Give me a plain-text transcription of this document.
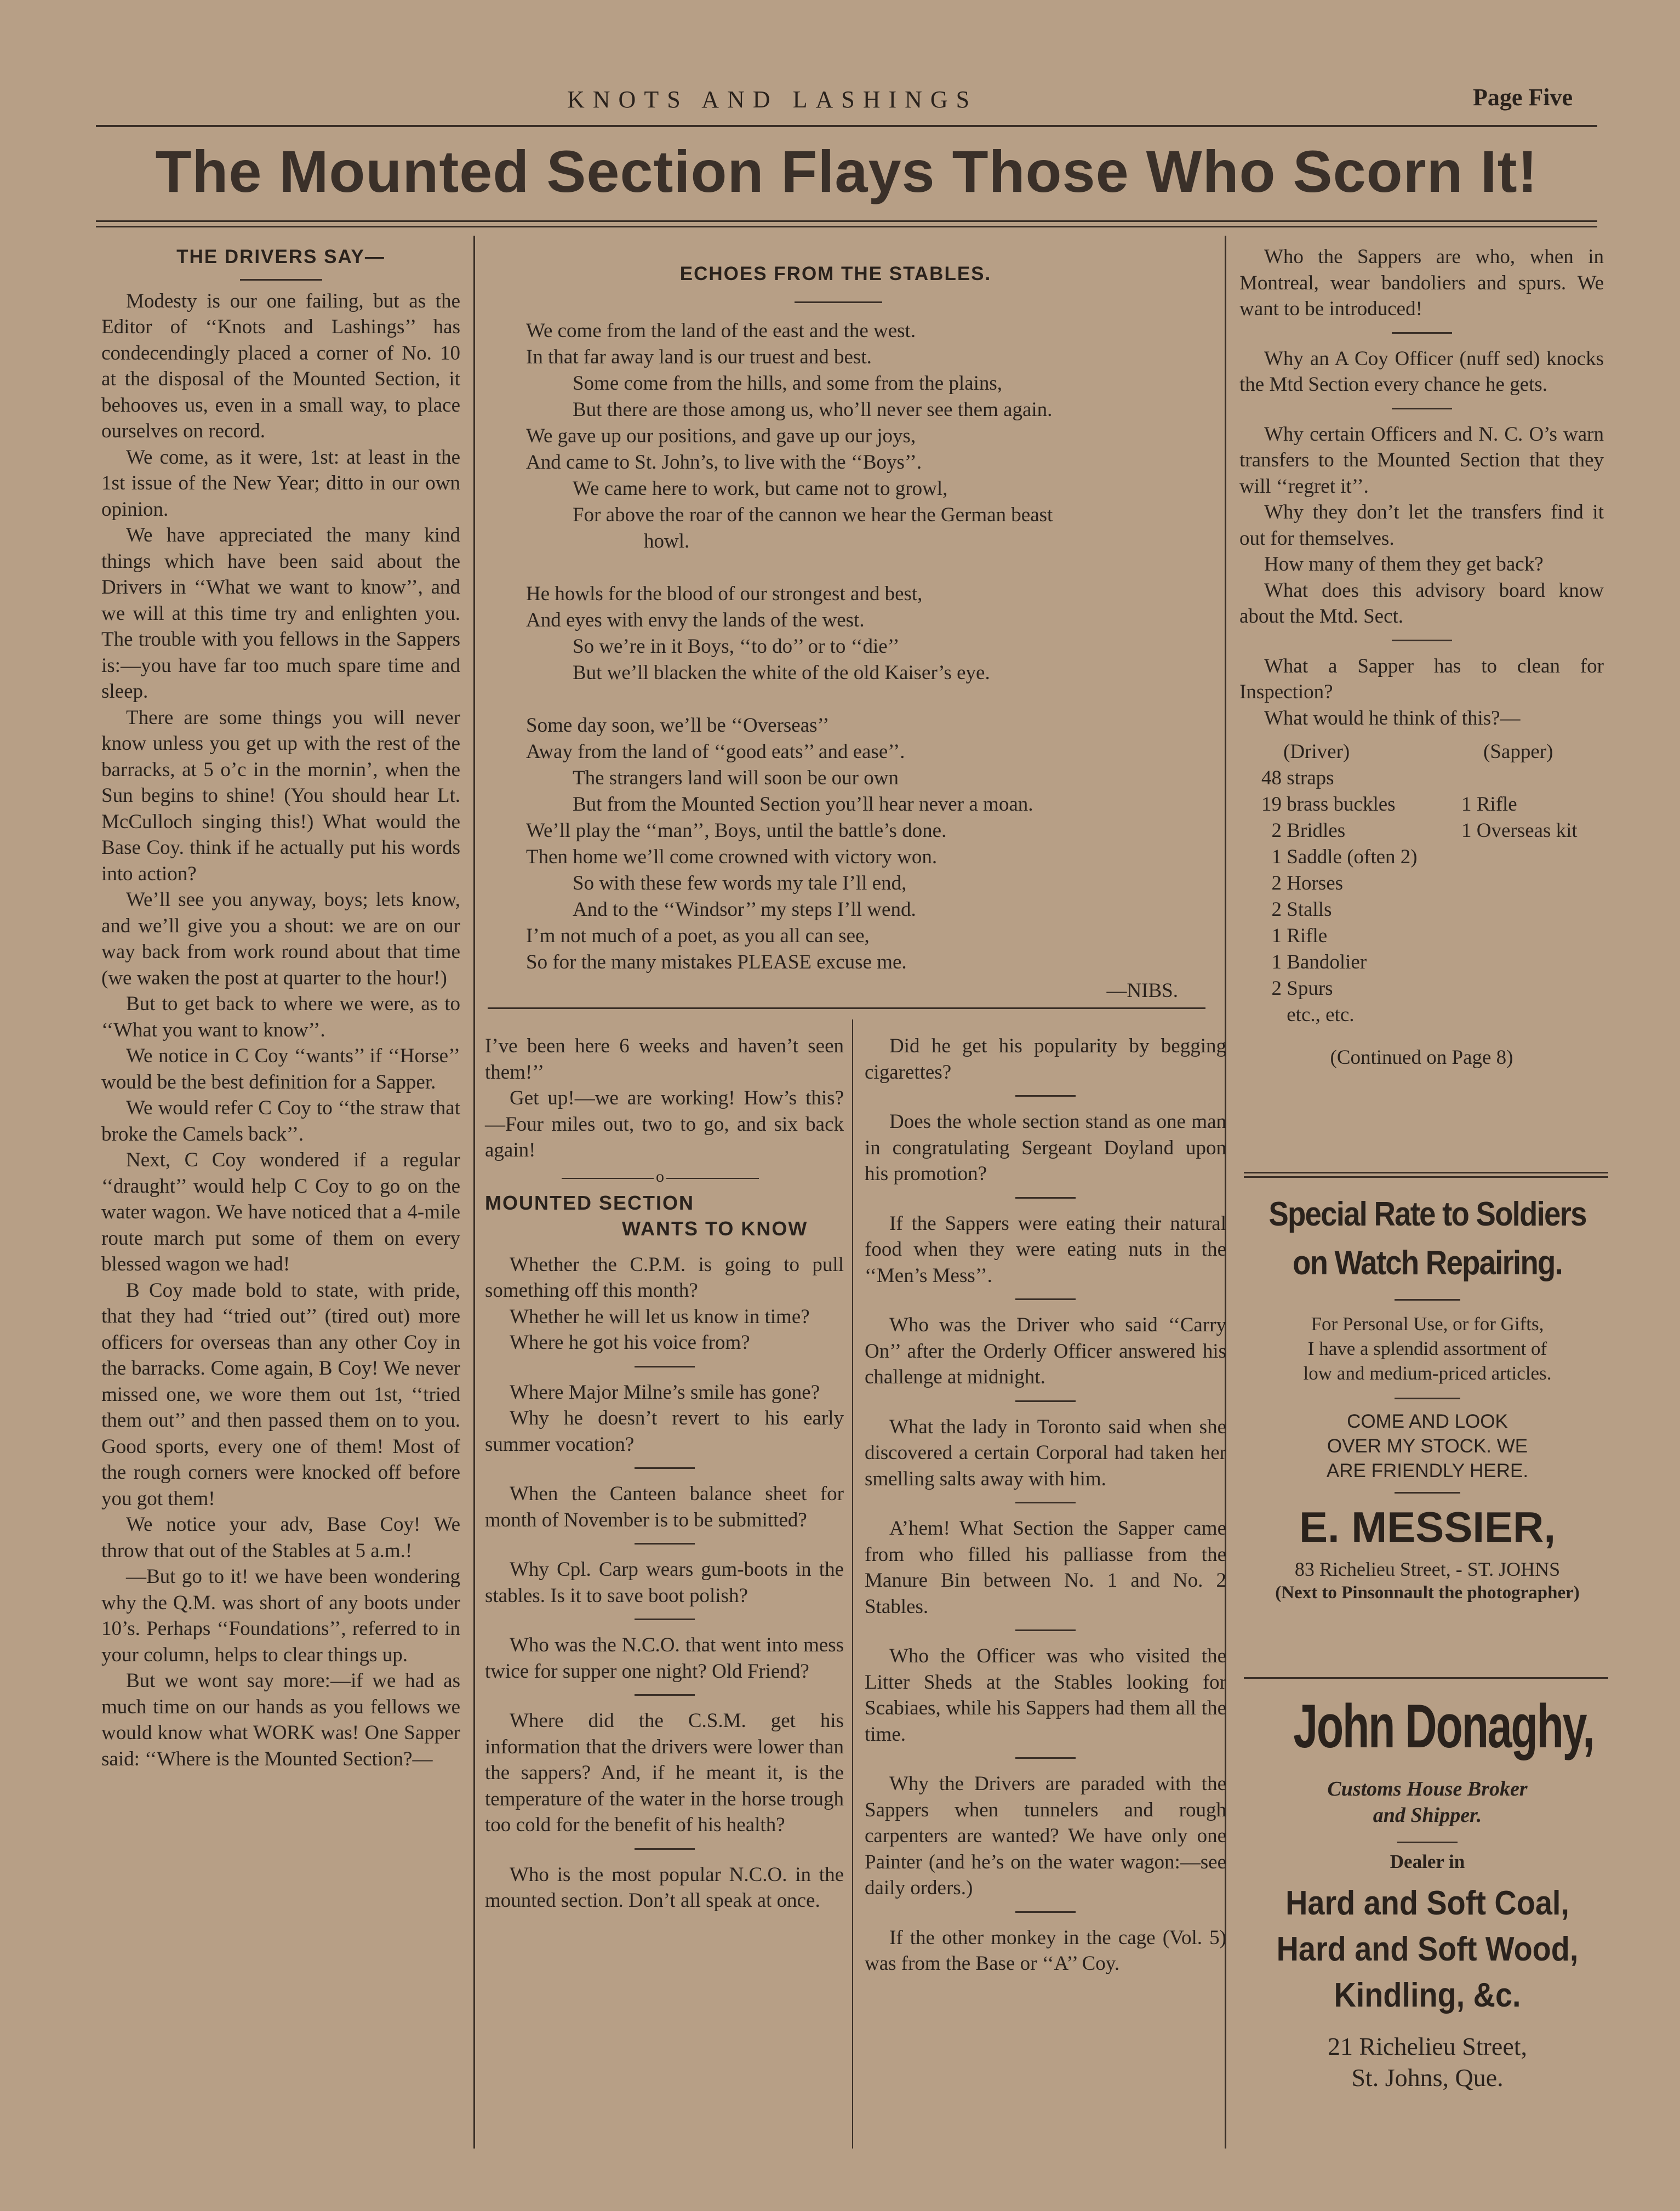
KNOTS AND LASHINGS	Page Five
The Mounted Section Flays Those Who Scorn It!
THE DRIVERS SAY—

Modesty is our one failing, but as the Editor of ‘‘Knots and Lashings’’ has condecendingly placed a corner of No. 10 at the disposal of the Mounted Section, it behooves us, even in a small way, to place ourselves on record.

We come, as it were, 1st: at least in the 1st issue of the New Year; ditto in our own opinion.

We have appreciated the many kind things which have been said about the Drivers in ‘‘What we want to know’’, and we will at this time try and enlighten you. The trouble with you fellows in the Sappers is:—you have far too much spare time and sleep.

There are some things you will never know unless you get up with the rest of the barracks, at 5 o’c in the mornin’, when the Sun begins to shine! (You should hear Lt. McCulloch singing this!) What would the Base Coy. think if he actually put his words into action?

We’ll see you anyway, boys; lets know, and we’ll give you a shout: we are on our way back from work round about that time (we waken the post at quarter to the hour!)

But to get back to where we were, as to ‘‘What you want to know’’.

We notice in C Coy ‘‘wants’’ if ‘‘Horse’’ would be the best definition for a Sapper.

We would refer C Coy to ‘‘the straw that broke the Camels back’’.

Next, C Coy wondered if a regular ‘‘draught’’ would help C Coy to go on the water wagon. We have noticed that a 4-mile route march put some of them on every blessed wagon we had!

B Coy made bold to state, with pride, that they had ‘‘tried out’’ (tired out) more officers for overseas than any other Coy in the barracks. Come again, B Coy! We never missed one, we wore them out 1st, ‘‘tried them out’’ and then passed them on to you. Good sports, every one of them! Most of the rough corners were knocked off before you got them!

We notice your adv, Base Coy! We throw that out of the Stables at 5 a.m.!

—But go to it! we have been wondering why the Q.M. was short of any boots under 10’s. Perhaps ‘‘Foundations’’, referred to in your column, helps to clear things up.

But we wont say more:—if we had as much time on our hands as you fellows we would know what WORK was! One Sapper said: ‘‘Where is the Mounted Section?—

ECHOES FROM THE STABLES.
We come from the land of the east and the west.
In that far away land is our truest and best.
Some come from the hills, and some from the plains,
But there are those among us, who’ll never see them again.
We gave up our positions, and gave up our joys,
And came to St. John’s, to live with the ‘‘Boys’’.
We came here to work, but came not to growl,
For above the roar of the cannon we hear the German beast
howl.
He howls for the blood of our strongest and best,
And eyes with envy the lands of the west.
So we’re in it Boys, ‘‘to do’’ or to ‘‘die’’
But we’ll blacken the white of the old Kaiser’s eye.
Some day soon, we’ll be ‘‘Overseas’’
Away from the land of ‘‘good eats’’ and ease’’.
The strangers land will soon be our own
But from the Mounted Section you’ll hear never a moan.
We’ll play the ‘‘man’’, Boys, until the battle’s done.
Then home we’ll come crowned with victory won.
So with these few words my tale I’ll end,
And to the ‘‘Windsor’’ my steps I’ll wend.
I’m not much of a poet, as you all can see,
So for the many mistakes PLEASE excuse me.
—NIBS.

I’ve been here 6 weeks and haven’t seen them!’’

Get up!—we are working! How’s this?—Four miles out, two to go, and six back again!

o
MOUNTED SECTION
WANTS TO KNOW

Whether the C.P.M. is going to pull something off this month?

Whether he will let us know in time?

Where he got his voice from?

Where Major Milne’s smile has gone?

Why he doesn’t revert to his early summer vocation?

When the Canteen balance sheet for month of November is to be submitted?

Why Cpl. Carp wears gum-boots in the stables. Is it to save boot polish?

Who was the N.C.O. that went into mess twice for supper one night? Old Friend?

Where did the C.S.M. get his information that the drivers were lower than the sappers? And, if he meant it, is the temperature of the water in the horse trough too cold for the benefit of his health?

Who is the most popular N.C.O. in the mounted section. Don’t all speak at once.

Did he get his popularity by begging cigarettes?

Does the whole section stand as one man in congratulating Sergeant Doyland upon his promotion?

If the Sappers were eating their natural food when they were eating nuts in the ‘‘Men’s Mess’’.

Who was the Driver who said ‘‘Carry On’’ after the Orderly Officer answered his challenge at midnight.

What the lady in Toronto said when she discovered a certain Corporal had taken her smelling salts away with him.

A’hem! What Section the Sapper came from who filled his palliasse from the Manure Bin between No. 1 and No. 2 Stables.

Who the Officer was who visited the Litter Sheds at the Stables looking for Scabiaes, while his Sappers had them all the time.

Why the Drivers are paraded with the Sappers when tunnelers and rough carpenters are wanted? We have only one Painter (and he’s on the water wagon:—see daily orders.)

If the other monkey in the cage (Vol. 5) was from the Base or ‘‘A’’ Coy.

Who the Sappers are who, when in Montreal, wear bandoliers and spurs. We want to be introduced!

Why an A Coy Officer (nuff sed) knocks the Mtd Section every chance he gets.

Why certain Officers and N. C. O’s warn transfers to the Mounted Section that they will ‘‘regret it’’.

Why they don’t let the transfers find it out for themselves.

How many of them they get back?

What does this advisory board know about the Mtd. Sect.

What a Sapper has to clean for Inspection?

What would he think of this?—

(Driver)	(Sapper)
48 straps
19 brass buckles	1 Rifle
2 Bridles	1 Overseas kit
1 Saddle (often 2)
2 Horses
2 Stalls
1 Rifle
1 Bandolier
2 Spurs
etc., etc.
(Continued on Page 8)
Special Rate to Soldiers
on Watch Repairing.
For Personal Use, or for Gifts,
I have a splendid assortment of
low and medium-priced articles.
COME AND LOOK
OVER MY STOCK. WE
ARE FRIENDLY HERE.
E. MESSIER,
83 Richelieu Street, - ST. JOHNS
(Next to Pinsonnault the photographer)
John Donaghy,
Customs House Broker
and Shipper.
Dealer in
Hard and Soft Coal,
Hard and Soft Wood,
Kindling, &c.
21 Richelieu Street,
St. Johns, Que.
